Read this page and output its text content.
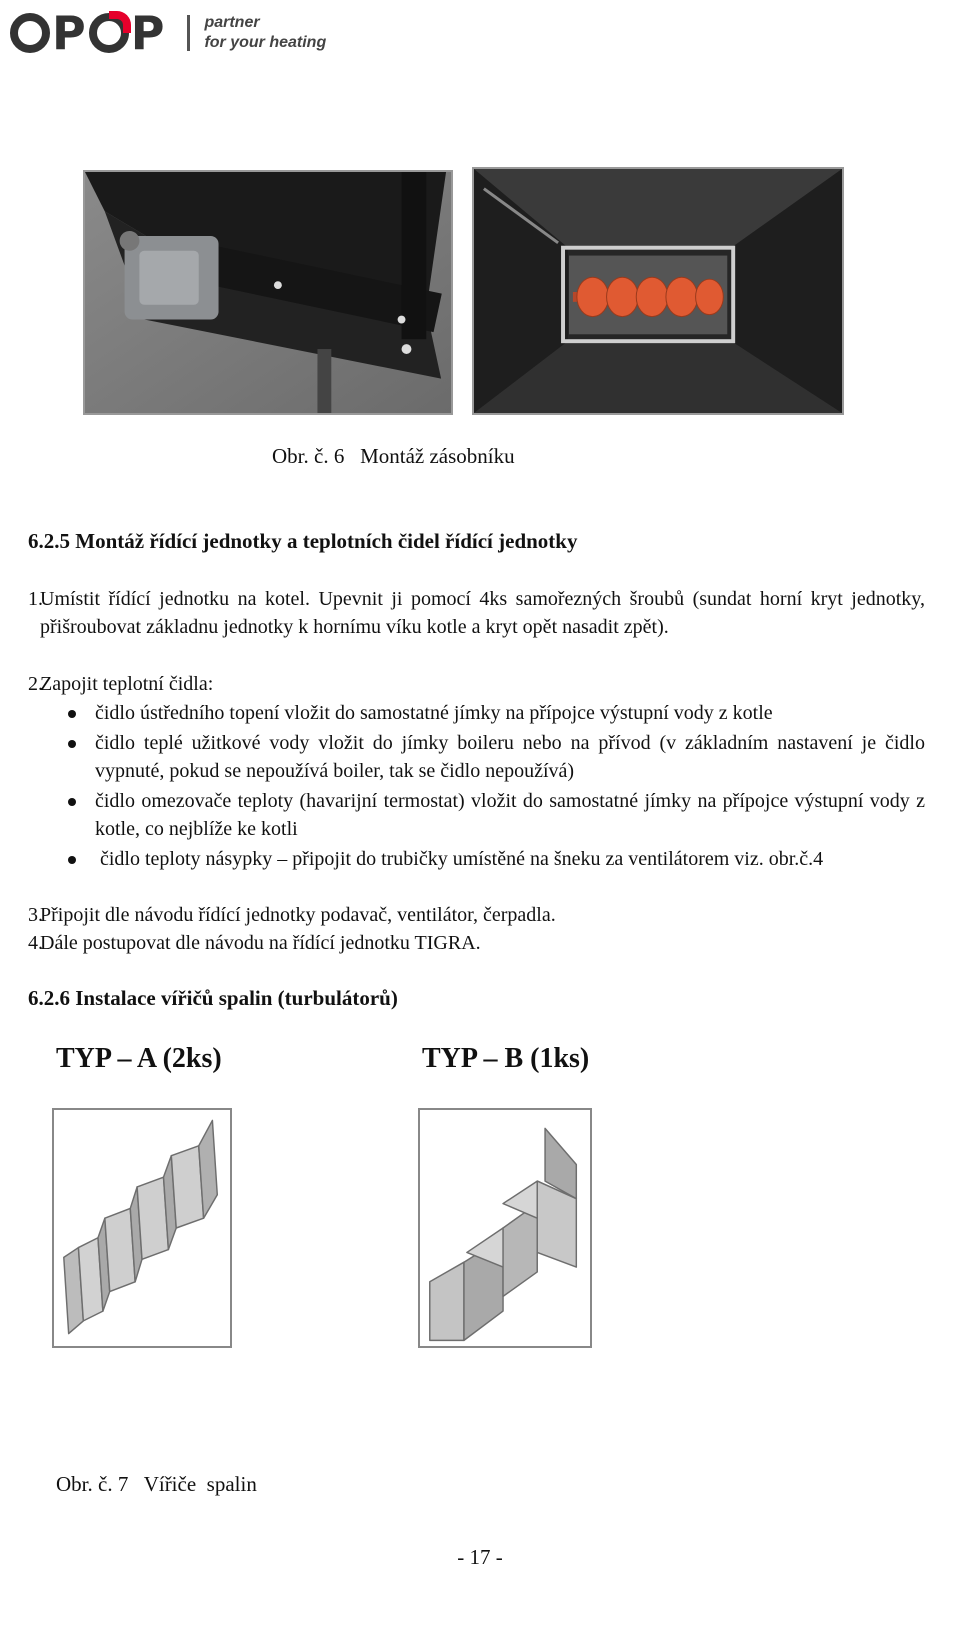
P P partner
for your heating
Obr. č. 6   Montáž zásobníku
6.2.5 Montáž řídící jednotky a teplotních čidel řídící jednotky
1.
Umístit řídící jednotku na kotel. Upevnit ji pomocí 4ks samořezných šroubů (sundat horní kryt jednotky, přišroubovat základnu jednotky k hornímu víku kotle a kryt opět nasadit zpět).
2.
Zapojit teplotní čidla:
čidlo ústředního topení vložit do samostatné jímky na přípojce výstupní vody z kotle
čidlo teplé užitkové vody vložit do jímky boileru nebo na přívod (v základním nastavení je čidlo vypnuté, pokud se nepoužívá boiler, tak se čidlo nepoužívá)
čidlo omezovače teploty (havarijní termostat) vložit do samostatné jímky na přípojce výstupní vody z kotle, co nejblíže ke kotli
čidlo teploty násypky – připojit do trubičky umístěné na šneku za ventilátorem viz. obr.č.4
3.
Připojit dle návodu řídící jednotky podavač, ventilátor, čerpadla.
4.
Dále postupovat dle návodu na řídící jednotku TIGRA.
6.2.6 Instalace vířičů spalin (turbulátorů)
TYP – A (2ks)	TYP – B (1ks)
Obr. č. 7   Vířiče  spalin
- 17 -
